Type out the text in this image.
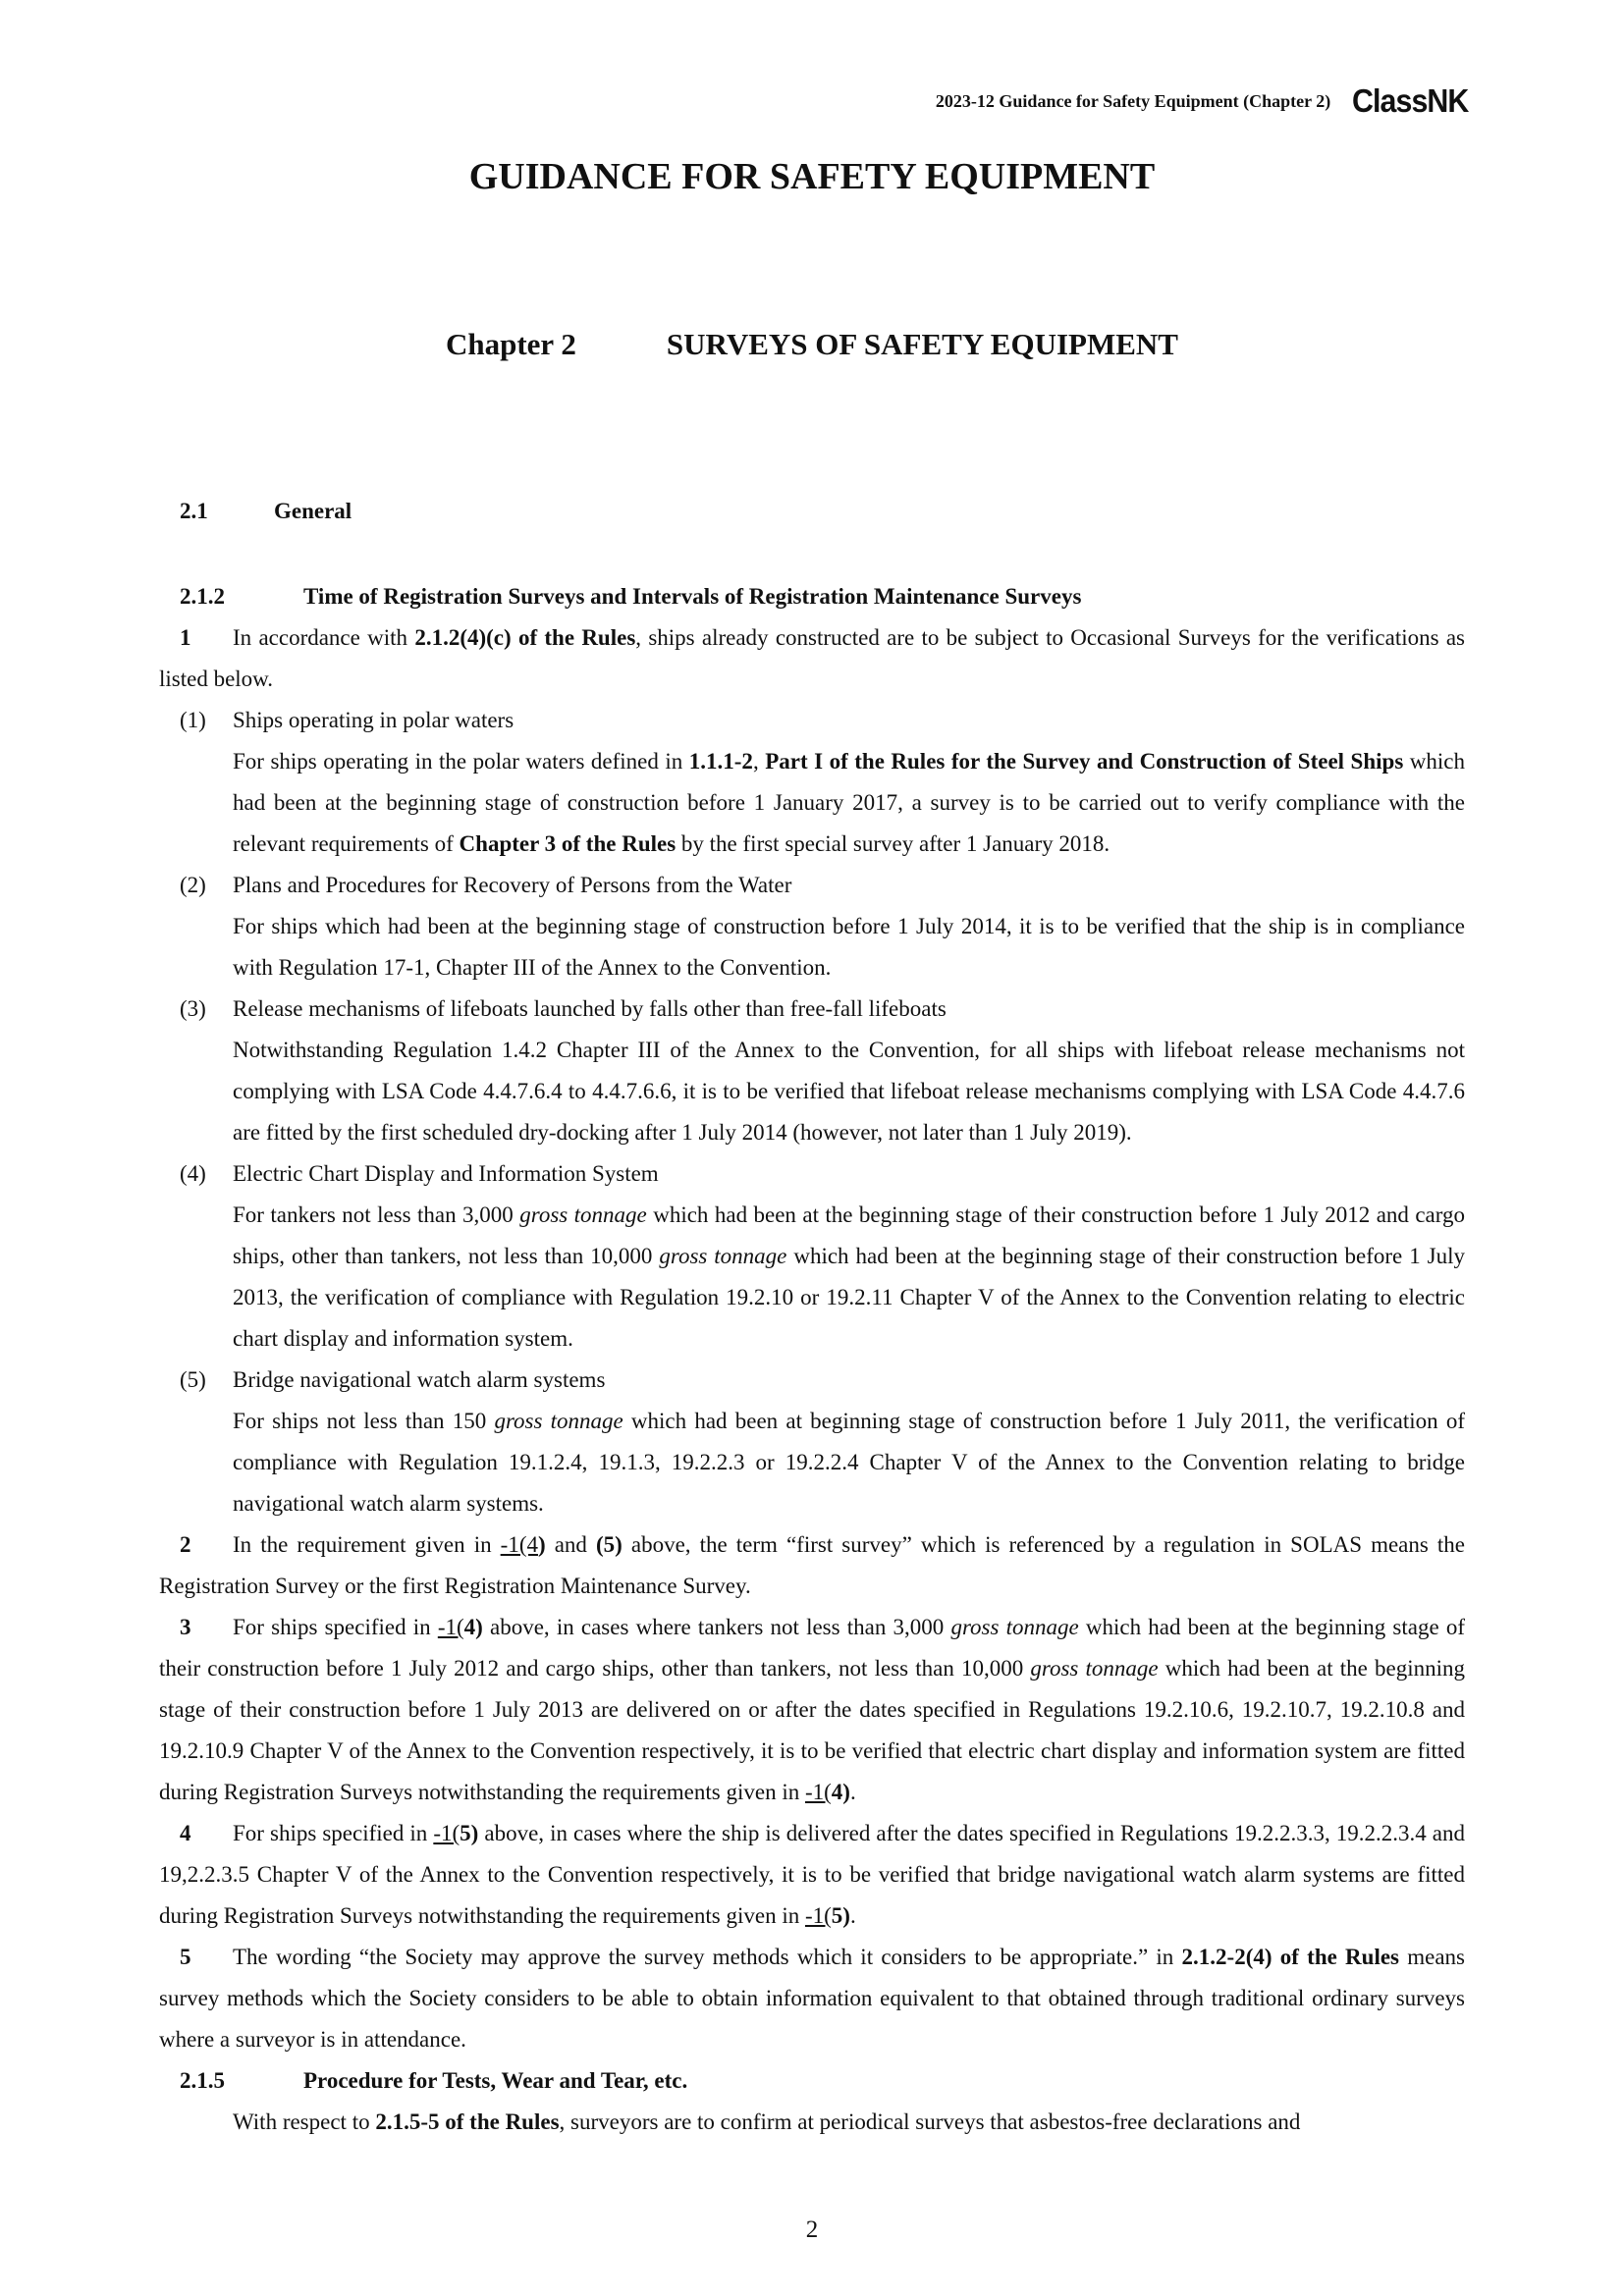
2023-12 Guidance for Safety Equipment (Chapter 2) ClassNK
GUIDANCE FOR SAFETY EQUIPMENT
Chapter 2	SURVEYS OF SAFETY EQUIPMENT
2.1	General

2.1.2	Time of Registration Surveys and Intervals of Registration Maintenance Surveys

1 In accordance with 2.1.2(4)(c) of the Rules, ships already constructed are to be subject to Occasional Surveys for the verifications as listed below.

(1) Ships operating in polar waters

For ships operating in the polar waters defined in 1.1.1-2, Part I of the Rules for the Survey and Construction of Steel Ships which had been at the beginning stage of construction before 1 January 2017, a survey is to be carried out to verify compliance with the relevant requirements of Chapter 3 of the Rules by the first special survey after 1 January 2018.

(2) Plans and Procedures for Recovery of Persons from the Water

For ships which had been at the beginning stage of construction before 1 July 2014, it is to be verified that the ship is in compliance with Regulation 17-1, Chapter III of the Annex to the Convention.

(3) Release mechanisms of lifeboats launched by falls other than free-fall lifeboats

Notwithstanding Regulation 1.4.2 Chapter III of the Annex to the Convention, for all ships with lifeboat release mechanisms not complying with LSA Code 4.4.7.6.4 to 4.4.7.6.6, it is to be verified that lifeboat release mechanisms complying with LSA Code 4.4.7.6 are fitted by the first scheduled dry-docking after 1 July 2014 (however, not later than 1 July 2019).

(4) Electric Chart Display and Information System

For tankers not less than 3,000 gross tonnage which had been at the beginning stage of their construction before 1 July 2012 and cargo ships, other than tankers, not less than 10,000 gross tonnage which had been at the beginning stage of their construction before 1 July 2013, the verification of compliance with Regulation 19.2.10 or 19.2.11 Chapter V of the Annex to the Convention relating to electric chart display and information system.

(5) Bridge navigational watch alarm systems

For ships not less than 150 gross tonnage which had been at beginning stage of construction before 1 July 2011, the verification of compliance with Regulation 19.1.2.4, 19.1.3, 19.2.2.3 or 19.2.2.4 Chapter V of the Annex to the Convention relating to bridge navigational watch alarm systems.

2 In the requirement given in -1(4) and (5) above, the term “first survey” which is referenced by a regulation in SOLAS means the Registration Survey or the first Registration Maintenance Survey.

3 For ships specified in -1(4) above, in cases where tankers not less than 3,000 gross tonnage which had been at the beginning stage of their construction before 1 July 2012 and cargo ships, other than tankers, not less than 10,000 gross tonnage which had been at the beginning stage of their construction before 1 July 2013 are delivered on or after the dates specified in Regulations 19.2.10.6, 19.2.10.7, 19.2.10.8 and 19.2.10.9 Chapter V of the Annex to the Convention respectively, it is to be verified that electric chart display and information system are fitted during Registration Surveys notwithstanding the requirements given in -1(4).

4 For ships specified in -1(5) above, in cases where the ship is delivered after the dates specified in Regulations 19.2.2.3.3, 19.2.2.3.4 and 19,2.2.3.5 Chapter V of the Annex to the Convention respectively, it is to be verified that bridge navigational watch alarm systems are fitted during Registration Surveys notwithstanding the requirements given in -1(5).

5 The wording “the Society may approve the survey methods which it considers to be appropriate.” in 2.1.2-2(4) of the Rules means survey methods which the Society considers to be able to obtain information equivalent to that obtained through traditional ordinary surveys where a surveyor is in attendance.

2.1.5	Procedure for Tests, Wear and Tear, etc.

With respect to 2.1.5-5 of the Rules, surveyors are to confirm at periodical surveys that asbestos-free declarations and

2
